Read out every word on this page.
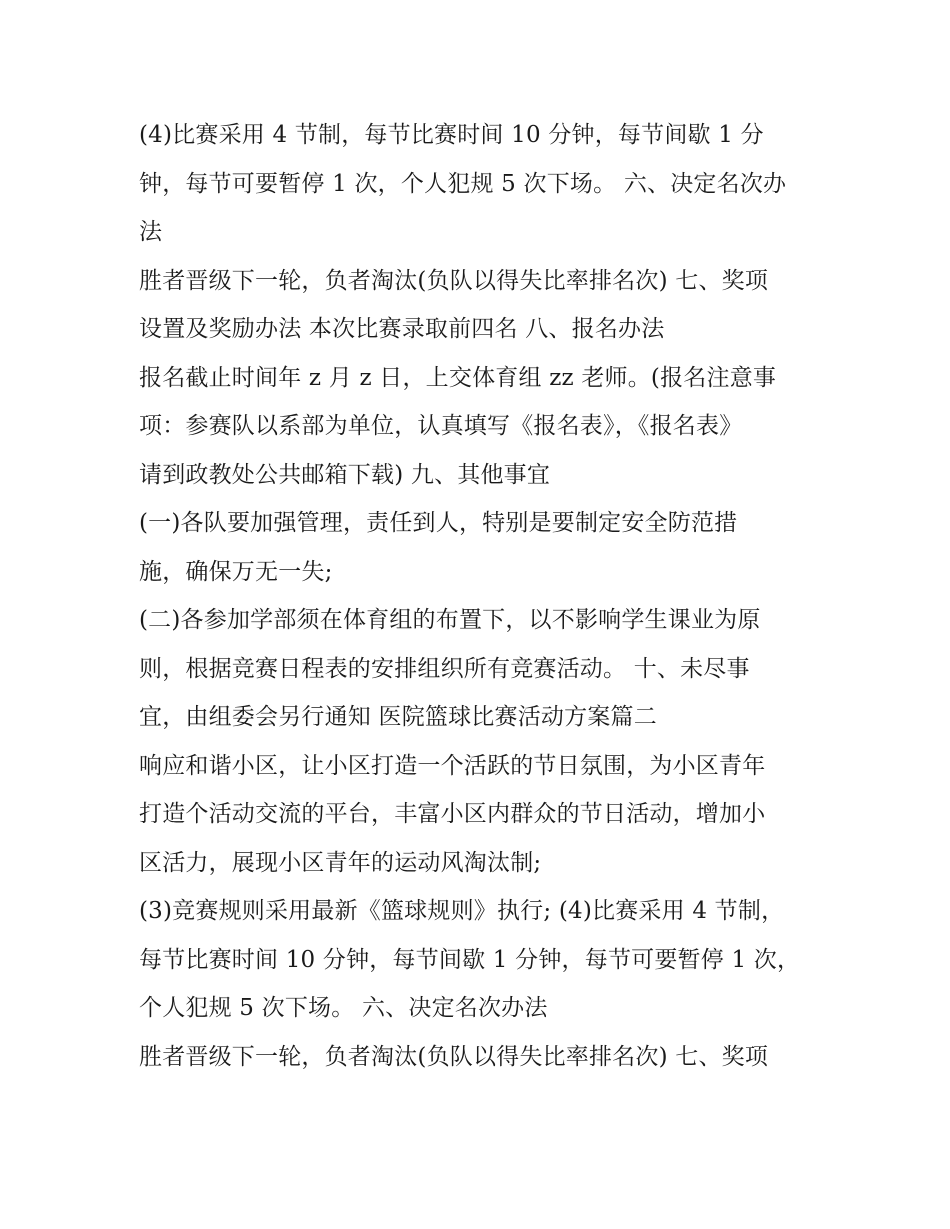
(4)比赛采用 4 节制，每节比赛时间 10 分钟，每节间歇 1 分
钟，每节可要暂停 1 次，个人犯规 5 次下场。 六、决定名次办
法
胜者晋级下一轮，负者淘汰(负队以得失比率排名次) 七、奖项
设置及奖励办法 本次比赛录取前四名 八、报名办法
报名截止时间年 z 月 z 日，上交体育组 zz 老师。(报名注意事
项：参赛队以系部为单位，认真填写《报名表》，《报名表》
请到政教处公共邮箱下载) 九、其他事宜
(一)各队要加强管理，责任到人，特别是要制定安全防范措
施，确保万无一失;
(二)各参加学部须在体育组的布置下，以不影响学生课业为原
则，根据竞赛日程表的安排组织所有竞赛活动。 十、未尽事
宜，由组委会另行通知 医院篮球比赛活动方案篇二
响应和谐小区，让小区打造一个活跃的节日氛围，为小区青年
打造个活动交流的平台，丰富小区内群众的节日活动，增加小
区活力，展现小区青年的运动风淘汰制;
(3)竞赛规则采用最新《篮球规则》执行; (4)比赛采用 4 节制，
每节比赛时间 10 分钟，每节间歇 1 分钟，每节可要暂停 1 次，
个人犯规 5 次下场。 六、决定名次办法
胜者晋级下一轮，负者淘汰(负队以得失比率排名次) 七、奖项
